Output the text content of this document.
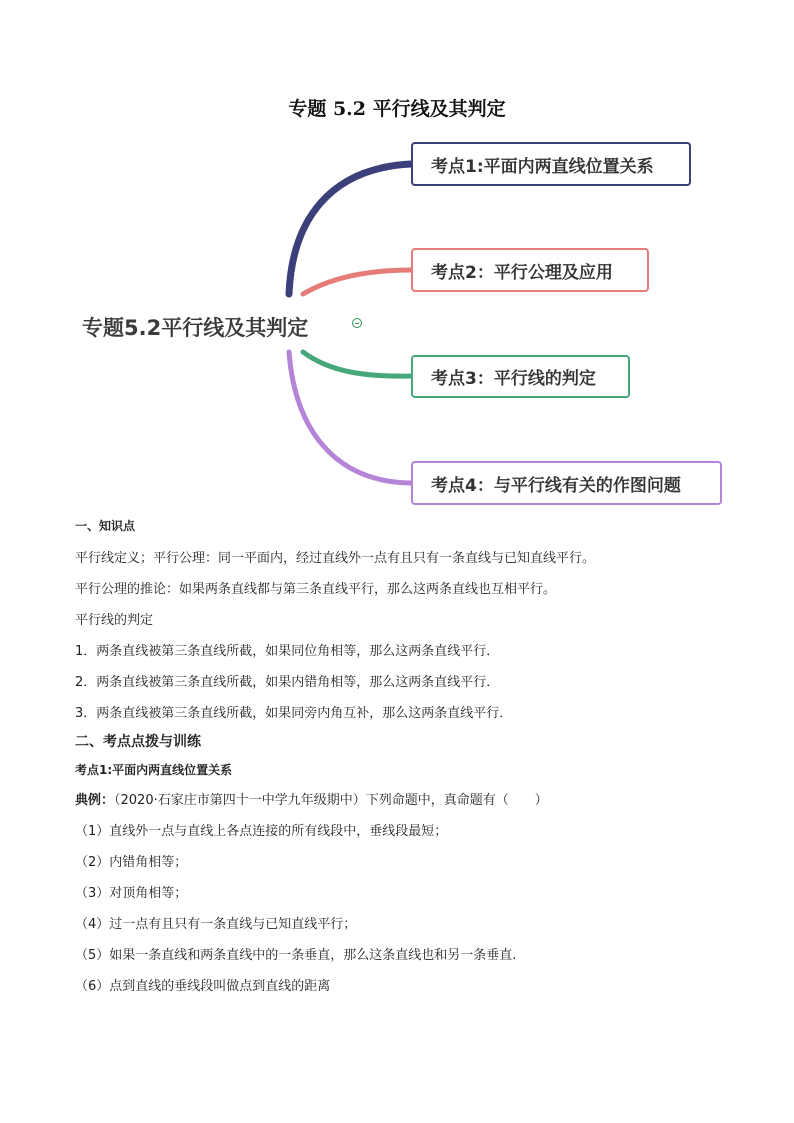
专题 5.2 平行线及其判定
专题5.2平行线及其判定
考点1:平面内两直线位置关系
考点2：平行公理及应用
考点3：平行线的判定
考点4：与平行线有关的作图问题

一、知识点

平行线定义；平行公理：同一平面内，经过直线外一点有且只有一条直线与已知直线平行。

平行公理的推论：如果两条直线都与第三条直线平行，那么这两条直线也互相平行。

平行线的判定

1．两条直线被第三条直线所截，如果同位角相等，那么这两条直线平行．

2．两条直线被第三条直线所截，如果内错角相等，那么这两条直线平行．

3．两条直线被第三条直线所截，如果同旁内角互补，那么这两条直线平行．

二、考点点拨与训练

考点1:平面内两直线位置关系

典例：（2020·石家庄市第四十一中学九年级期中）下列命题中，真命题有（　　）

（1）直线外一点与直线上各点连接的所有线段中，垂线段最短；

（2）内错角相等；

（3）对顶角相等；

（4）过一点有且只有一条直线与已知直线平行；

（5）如果一条直线和两条直线中的一条垂直，那么这条直线也和另一条垂直.

（6）点到直线的垂线段叫做点到直线的距离
